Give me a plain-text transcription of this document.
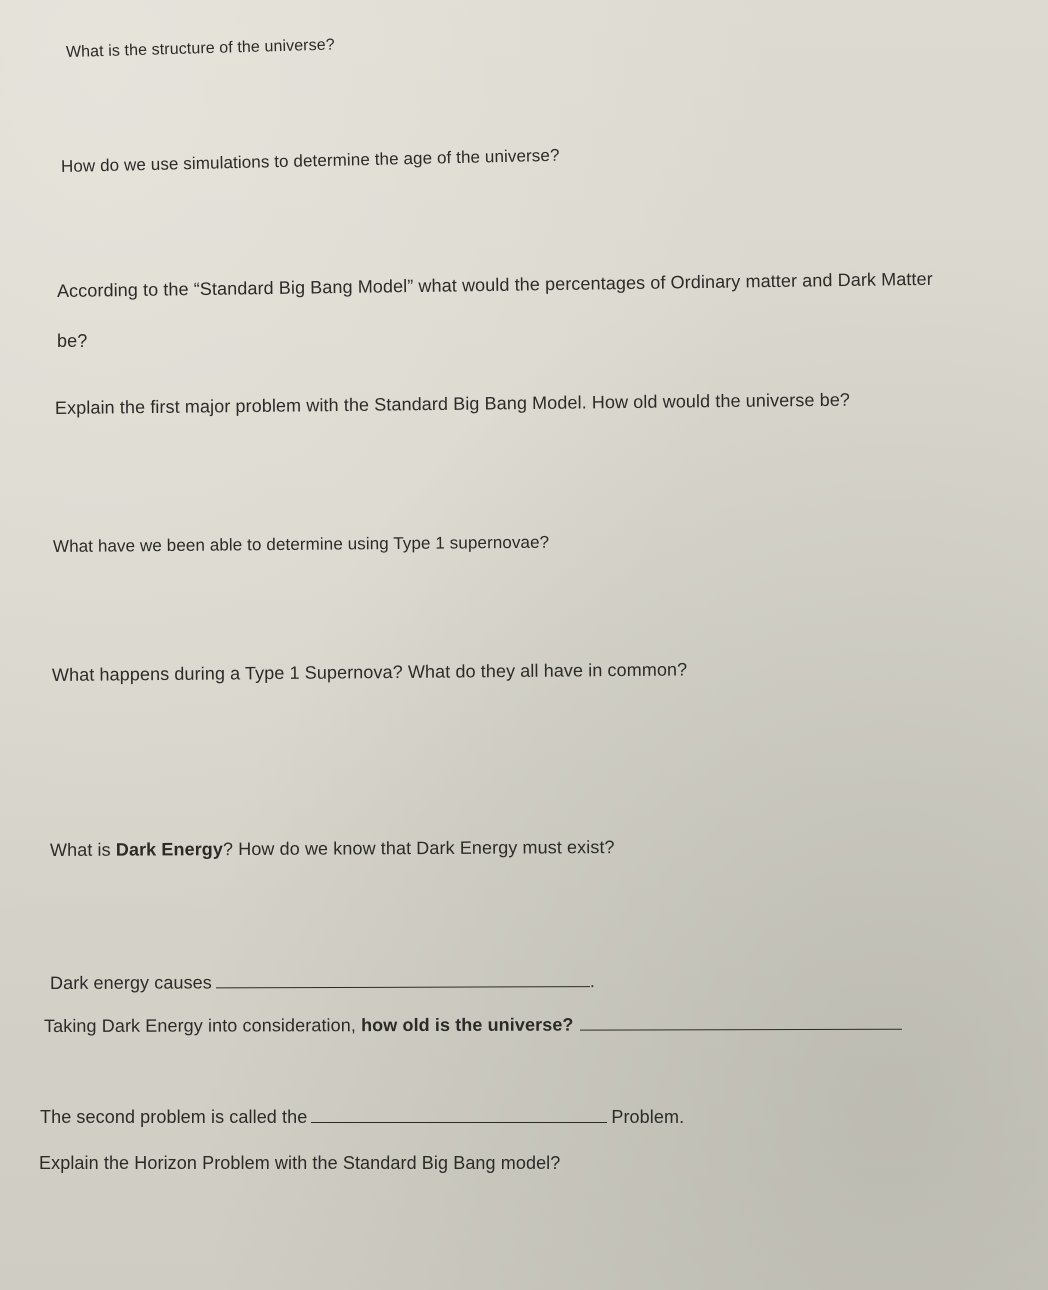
What is the structure of the universe?
How do we use simulations to determine the age of the universe?
According to the “Standard Big Bang Model” what would the percentages of Ordinary matter and Dark Matter
be?
Explain the first major problem with the Standard Big Bang Model. How old would the universe be?
What have we been able to determine using Type 1 supernovae?
What happens during a Type 1 Supernova? What do they all have in common?
What is Dark Energy? How do we know that Dark Energy must exist?
Dark energy causes	.
Taking Dark Energy into consideration, how old is the universe?
The second problem is called the	Problem.
Explain the Horizon Problem with the Standard Big Bang model?
